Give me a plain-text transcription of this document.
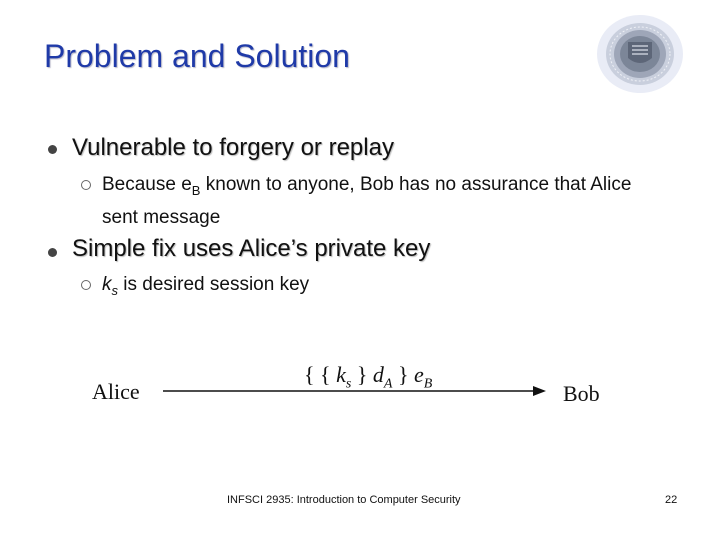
Problem and Solution
Vulnerable to forgery or replay
Because $e_B$ known to anyone, Bob has no assurance that Alice sent message
Simple fix uses Alice’s private key
$k_s$ is desired session key
Alice
{ { $k_s$ } $d_A$ } $e_B$	Bob
INFSCI 2935: Introduction to Computer Security	22
